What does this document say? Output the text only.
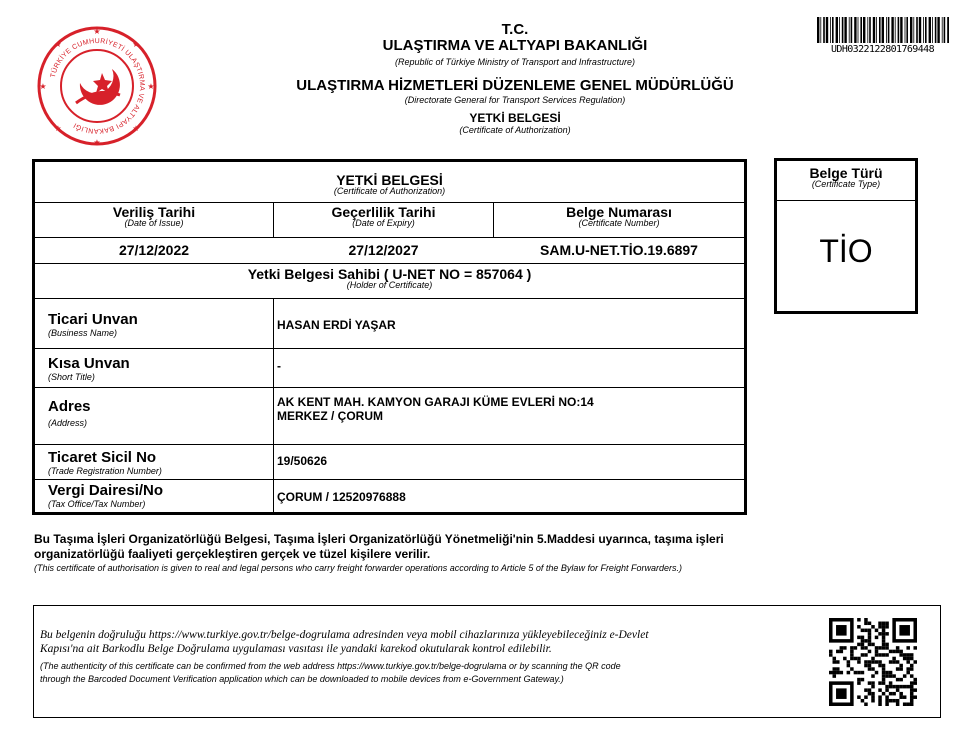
★
★
★
★
★
★
★
★
TÜRKİYE CUMHURİYETİ ULAŞTIRMA VE ALTYAPI BAKANLIĞI
T.C.
ULAŞTIRMA VE ALTYAPI BAKANLIĞI
(Republic of Türkiye Ministry of Transport and Infrastructure)
ULAŞTIRMA HİZMETLERİ DÜZENLEME GENEL MÜDÜRLÜĞÜ
(Directorate General for Transport Services Regulation)
YETKİ BELGESİ
(Certificate of Authorization)
UDH0322122801769448
YETKİ BELGESİ
(Certificate of Authorization)
Veriliş Tarihi
(Date of Issue)
Geçerlilik Tarihi
(Date of Expiry)
Belge Numarası
(Certificate Number)
27/12/2022	27/12/2027	SAM.U-NET.TİO.19.6897
Yetki Belgesi Sahibi ( U-NET NO = 857064 )
(Holder of Certificate)
Ticari Unvan
(Business Name)
HASAN ERDİ YAŞAR
Kısa Unvan
(Short Title)
-
Adres
(Address)
AK KENT MAH. KAMYON GARAJI KÜME EVLERİ NO:14
MERKEZ / ÇORUM
Ticaret Sicil No
(Trade Registration Number)
19/50626
Vergi Dairesi/No
(Tax Office/Tax Number)	ÇORUM / 12520976888
Belge Türü
(Certificate Type)
TİO
Bu Taşıma İşleri Organizatörlüğü Belgesi, Taşıma İşleri Organizatörlüğü Yönetmeliği'nin 5.Maddesi uyarınca, taşıma işleri
organizatörlüğü faaliyeti gerçekleştiren gerçek ve tüzel kişilere verilir.
(This certificate of authorisation is given to real and legal persons who carry freight forwarder operations according to Article 5 of the Bylaw for Freight Forwarders.)
Bu belgenin doğruluğu https://www.turkiye.gov.tr/belge-dogrulama adresinden veya mobil cihazlarınıza yükleyebileceğiniz e-Devlet
Kapısı'na ait Barkodlu Belge Doğrulama uygulaması vasıtası ile yandaki karekod okutularak kontrol edilebilir.
(The authenticity of this certificate can be confirmed from the web address https://www.turkiye.gov.tr/belge-dogrulama or by scanning the QR code
through the Barcoded Document Verification application which can be downloaded to mobile devices from e-Government Gateway.)
